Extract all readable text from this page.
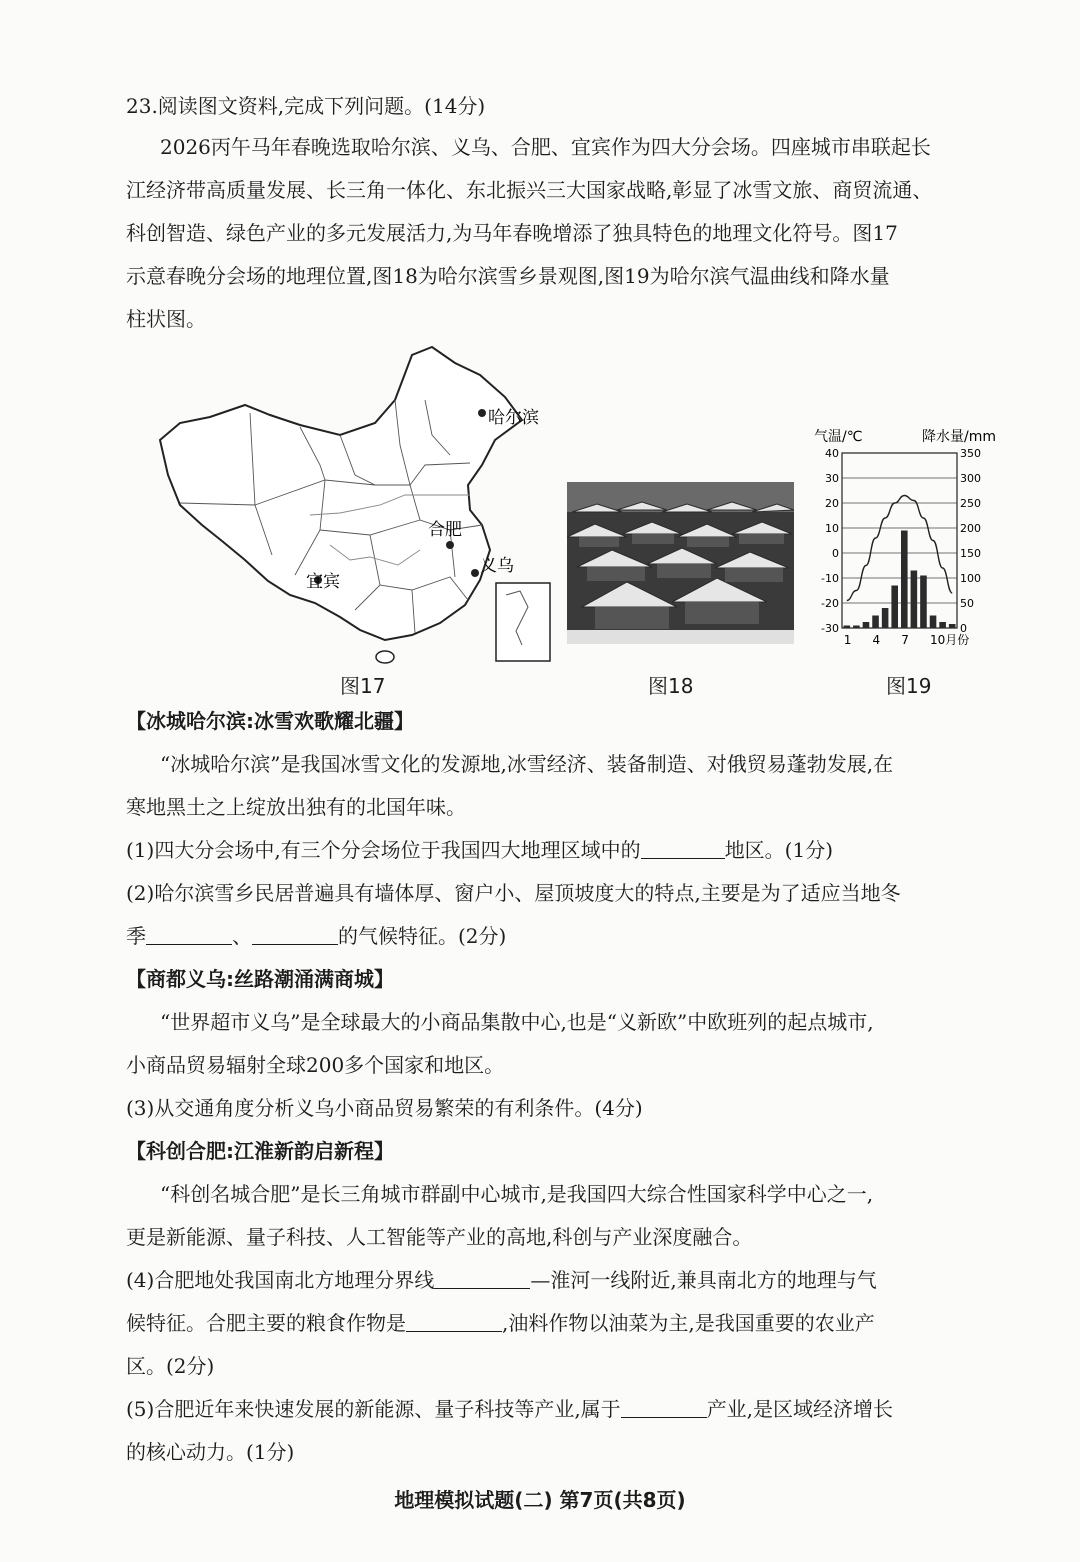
23.阅读图文资料,完成下列问题。(14分)
2026丙午马年春晚选取哈尔滨、义乌、合肥、宜宾作为四大分会场。四座城市串联起长
江经济带高质量发展、长三角一体化、东北振兴三大国家战略,彰显了冰雪文旅、商贸流通、
科创智造、绿色产业的多元发展活力,为马年春晚增添了独具特色的地理文化符号。图17
示意春晚分会场的地理位置,图18为哈尔滨雪乡景观图,图19为哈尔滨气温曲线和降水量
柱状图。
哈尔滨
合肥
义乌
宜宾
图17	图18
气温/℃	降水量/mm
40	350
30	300
20	250
10	200
0	150
-10	100
-20	50
-30	0
1 4 7 10月份
图19
【冰城哈尔滨:冰雪欢歌耀北疆】
“冰城哈尔滨”是我国冰雪文化的发源地,冰雪经济、装备制造、对俄贸易蓬勃发展,在
寒地黑土之上绽放出独有的北国年味。
(1)四大分会场中,有三个分会场位于我国四大地理区域中的	地区。(1分)
(2)哈尔滨雪乡民居普遍具有墙体厚、窗户小、屋顶坡度大的特点,主要是为了适应当地冬
季	、	的气候特征。(2分)
【商都义乌:丝路潮涌满商城】
“世界超市义乌”是全球最大的小商品集散中心,也是“义新欧”中欧班列的起点城市,
小商品贸易辐射全球200多个国家和地区。
(3)从交通角度分析义乌小商品贸易繁荣的有利条件。(4分)
【科创合肥:江淮新韵启新程】
“科创名城合肥”是长三角城市群副中心城市,是我国四大综合性国家科学中心之一,
更是新能源、量子科技、人工智能等产业的高地,科创与产业深度融合。
(4)合肥地处我国南北方地理分界线	—淮河一线附近,兼具南北方的地理与气
候特征。合肥主要的粮食作物是	,油料作物以油菜为主,是我国重要的农业产
区。(2分)
(5)合肥近年来快速发展的新能源、量子科技等产业,属于	产业,是区域经济增长
的核心动力。(1分)
地理模拟试题(二) 第7页(共8页)
